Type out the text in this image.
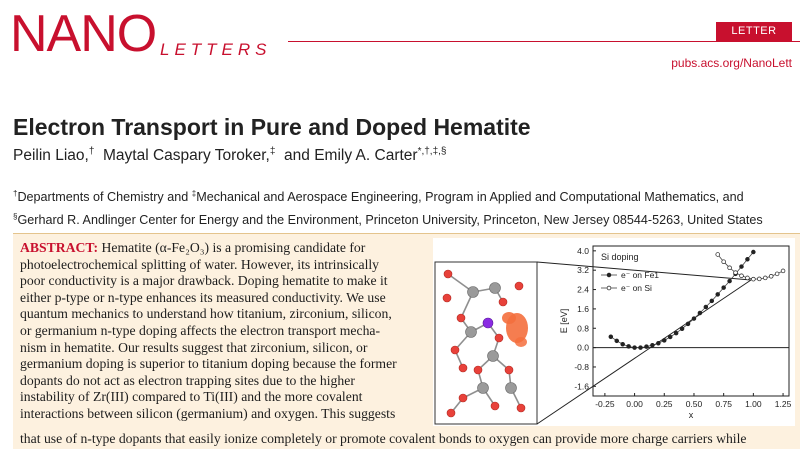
NANO LETTERS
LETTER
pubs.acs.org/NanoLett
Electron Transport in Pure and Doped Hematite
Peilin Liao,† Maytal Caspary Toroker,‡ and Emily A. Carter*,†,‡,§
†Departments of Chemistry and ‡Mechanical and Aerospace Engineering, Program in Applied and Computational Mathematics, and
§Gerhard R. Andlinger Center for Energy and the Environment, Princeton University, Princeton, New Jersey 08544-5263, United States
ABSTRACT: Hematite (α-Fe₂O₃) is a promising candidate for
photoelectrochemical splitting of water. However, its intrinsically
poor conductivity is a major drawback. Doping hematite to make it
either p-type or n-type enhances its measured conductivity. We use
quantum mechanics to understand how titanium, zirconium, silicon,
or germanium n-type doping affects the electron transport mecha-
nism in hematite. Our results suggest that zirconium, silicon, or
germanium doping is superior to titanium doping because the former
dopants do not act as electron trapping sites due to the higher
instability of Zr(III) compared to Ti(III) and the more covalent
interactions between silicon (germanium) and oxygen. This suggests
that use of n-type dopants that easily ionize completely or promote covalent bonds to oxygen can provide more charge carriers while
-0.25 0.00 0.25 0.50 0.75 1.00 1.25
4.0
3.2
2.4
1.6
0.8
0.0
-0.8
-1.6
Si doping
E [eV]
x
e⁻ on Fe1
e⁻ on Si
